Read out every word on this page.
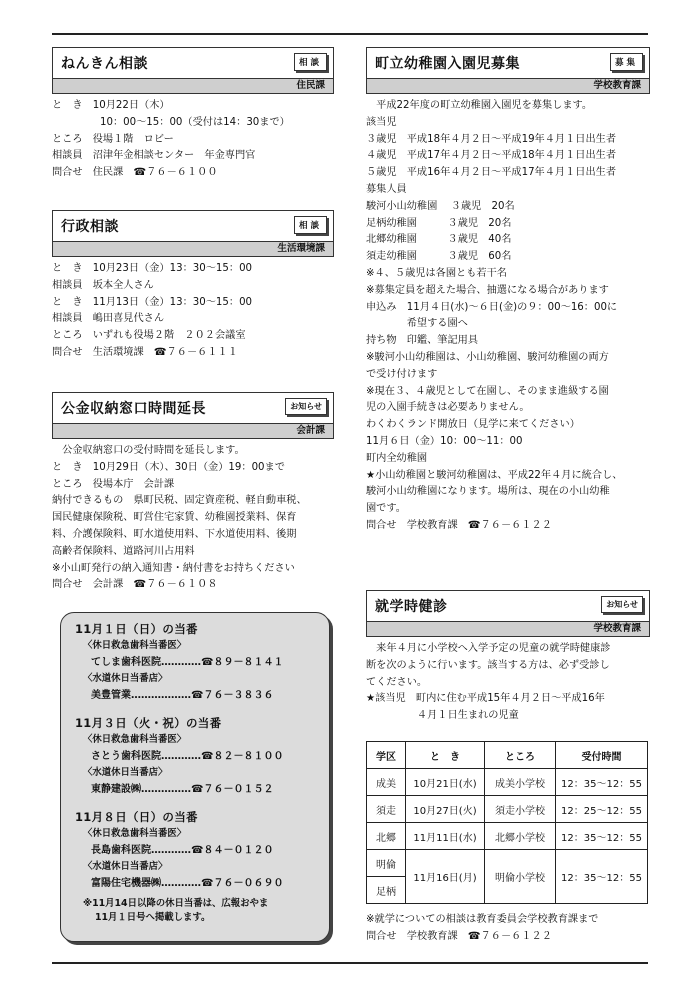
ねんきん相談	相談
住民課
と　き　10月22日（木）
10：00～15：00（受付は14：30まで）
ところ　役場１階　ロビー
相談員　沼津年金相談センター　年金専門官
問合せ　住民課　☎７６－６１００
行政相談	相談
生活環境課
と　き　10月23日（金）13：30～15：00
相談員　坂本全人さん
と　き　11月13日（金）13：30～15：00
相談員　嶋田喜見代さん
ところ　いずれも役場２階　２０２会議室
問合せ　生活環境課　☎７６－６１１１
公金収納窓口時間延長	お知らせ
会計課
　公金収納窓口の受付時間を延長します。
と　き　10月29日（木）、30日（金）19：00まで
ところ　役場本庁　会計課
納付できるもの　県町民税、固定資産税、軽自動車税、
国民健康保険税、町営住宅家賃、幼稚園授業料、保育
料、介護保険料、町水道使用料、下水道使用料、後期
高齢者保険料、道路河川占用料
※小山町発行の納入通知書・納付書をお持ちください
問合せ　会計課　☎７６－６１０８
11月１日（日）の当番
〈休日救急歯科当番医〉
てしま歯科医院…………☎８９－８１４１
〈水道休日当番店〉
美豊管業………………☎７６－３８３６
11月３日（火・祝）の当番
〈休日救急歯科当番医〉
さとう歯科医院…………☎８２－８１００
〈水道休日当番店〉
東静建設㈱……………☎７６－０１５２
11月８日（日）の当番
〈休日救急歯科当番医〉
長島歯科医院…………☎８４－０１２０
〈水道休日当番店〉
富陽住宅機器㈱…………☎７６－０６９０
※11月14日以降の休日当番は、広報おやま
11月１日号へ掲載します。
町立幼稚園入園児募集	募集
学校教育課
　平成22年度の町立幼稚園入園児を募集します。
該当児
３歳児　平成18年４月２日～平成19年４月１日出生者
４歳児　平成17年４月２日～平成18年４月１日出生者
５歳児　平成16年４月２日～平成17年４月１日出生者
募集人員
駿河小山幼稚園　 ３歳児　20名
足柄幼稚園　　　３歳児　20名
北郷幼稚園　　　３歳児　40名
須走幼稚園　　　３歳児　60名
※４、５歳児は各園とも若干名
※募集定員を超えた場合、抽選になる場合があります
申込み　11月４日(水)～６日(金)の９：00～16：00に
　　　　希望する園へ
持ち物　印鑑、筆記用具
※駿河小山幼稚園は、小山幼稚園、駿河幼稚園の両方
で受け付けます
※現在３、４歳児として在園し、そのまま進級する園
児の入園手続きは必要ありません。
わくわくランド開放日（見学に来てください）
11月６日（金）10：00～11：00
町内全幼稚園
★小山幼稚園と駿河幼稚園は、平成22年４月に統合し、
駿河小山幼稚園になります。場所は、現在の小山幼稚
園です。
問合せ　学校教育課　☎７６－６１２２
就学時健診	お知らせ
学校教育課
　来年４月に小学校へ入学予定の児童の就学時健康診
断を次のように行います。該当する方は、必ず受診し
てください。
★該当児　町内に住む平成15年４月２日～平成16年
　　　　　４月１日生まれの児童
学区	と　き	ところ	受付時間
成美	10月21日(水)	成美小学校	12：35～12：55
須走	10月27日(火)	須走小学校	12：25～12：55
北郷	11月11日(水)	北郷小学校	12：35～12：55
明倫	11月16日(月)	明倫小学校	12：35～12：55
足柄			
※就学についての相談は教育委員会学校教育課まで
問合せ　学校教育課　☎７６－６１２２
